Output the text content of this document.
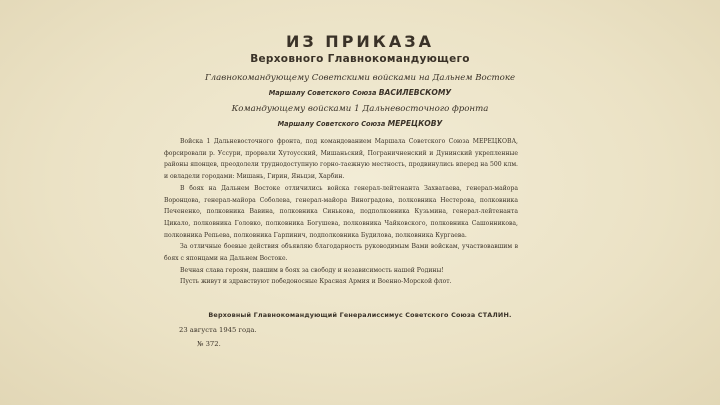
ИЗ ПРИКАЗА
Верховного Главнокомандующего
Главнокомандующему Советскими войсками на Дальнем Востоке
Маршалу Советского Союза ВАСИЛЕВСКОМУ
Командующему войсками 1 Дальневосточного фронта
Маршалу Советского Союза МЕРЕЦКОВУ

Войска 1 Дальневосточного фронта, под командованием Маршала Советского Союза МЕРЕЦКОВА, форсировали р. Уссури, прорвали Хутоусский, Мишаньский, Пограничненский и Дунинский укрепленные районы японцев, преодолели труднодоступную горно-таежную местность, продвинулись вперед на 500 клм. и овладели городами: Мишань, Гирин, Яньцзи, Харбин.

В боях на Дальнем Востоке отличились войска генерал-лейтенанта Захватаева, генерал-майора Воронцова, генерал-майора Соболева, генерал-майора Виноградова, полковника Нестерова, полковника Печененко, полковника Вавина, полковника Синькова, подполковника Кузьмина, генерал-лейтенанта Цикало, полковника Головко, полковника Богушева, полковника Чайковского, полковника Сашонникова, полковника Репьева, полковника Гарпинич, подполковника Будилова, полковника Кургаева.

За отличные боевые действия объявляю благодарность руководимым Вами войскам, участвовавшим в боях с японцами на Дальнем Востоке.

Вечная слава героям, павшим в боях за свободу и независимость нашей Родины!

Пусть живут и здравствуют победоносные Красная Армия и Военно-Морской флот.

Верховный Главнокомандующий Генералиссимус Советского Союза СТАЛИН.
23 августа 1945 года.
№ 372.
